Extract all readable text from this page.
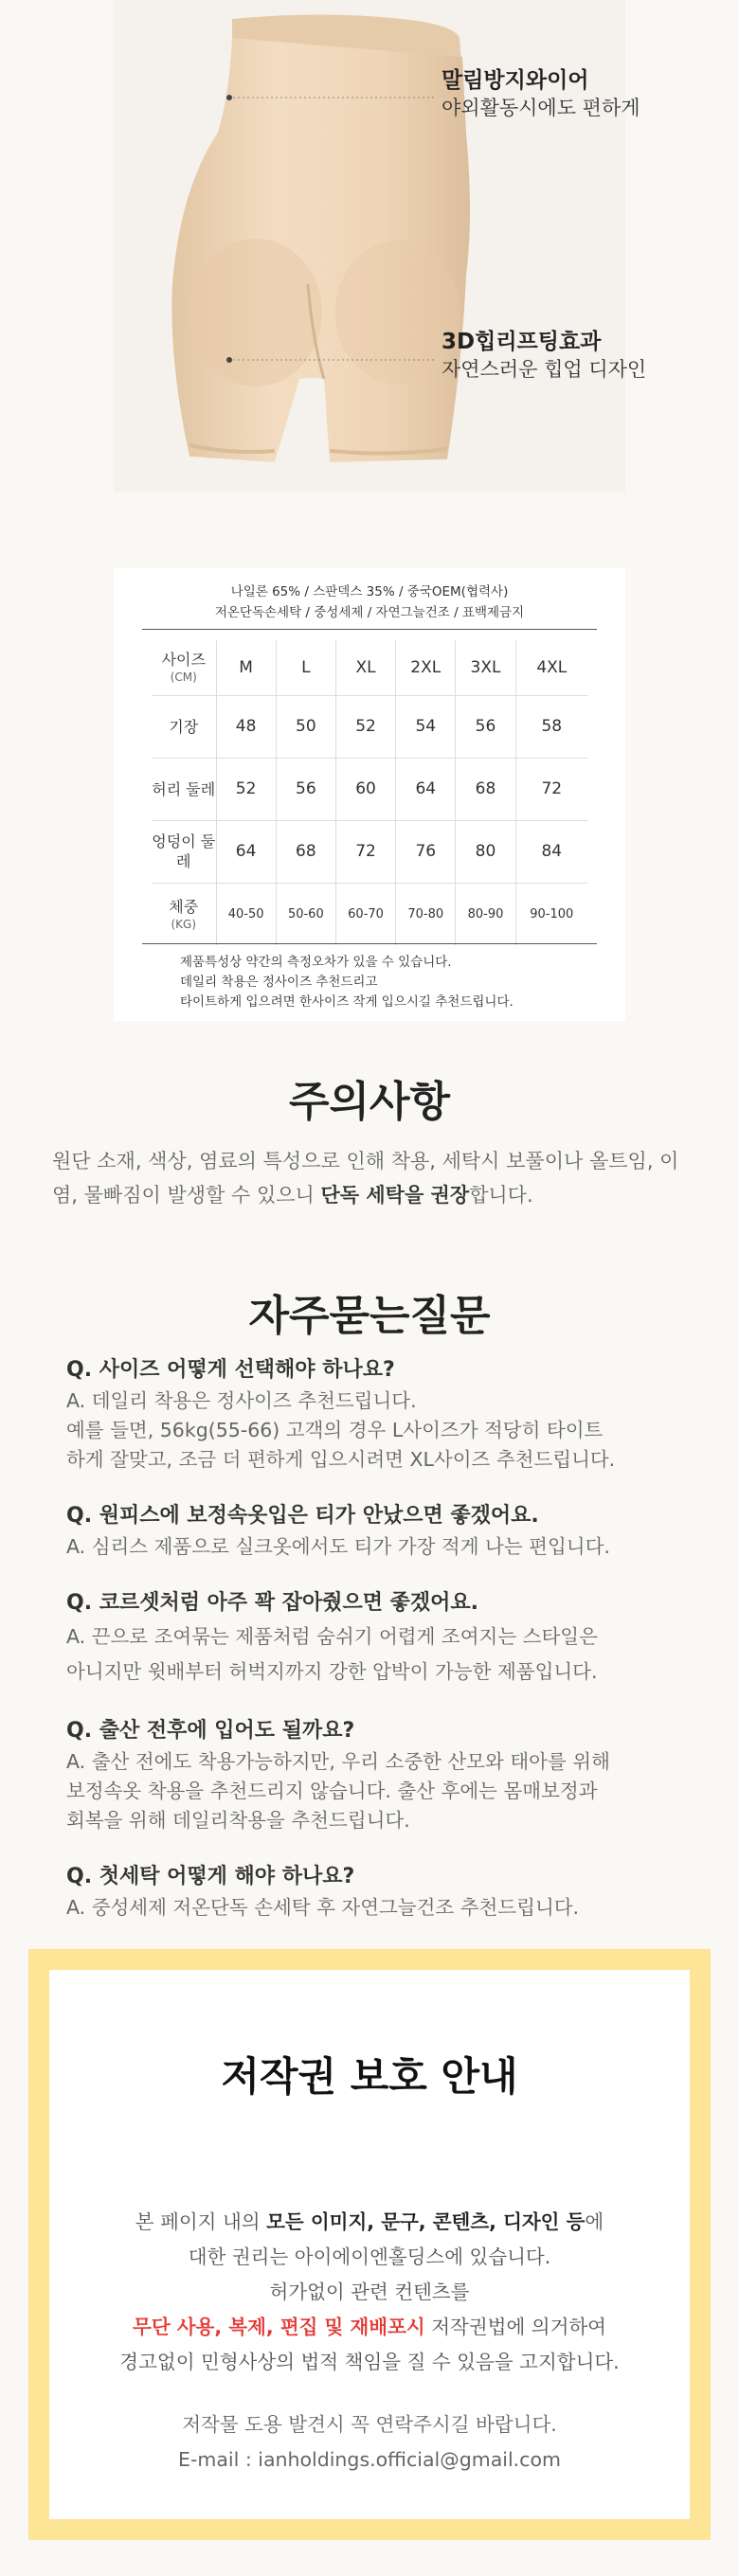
말림방지와이어
야외활동시에도 편하게
3D힙리프팅효과
자연스러운 힙업 디자인
나일론 65% / 스판덱스 35% / 중국OEM(협력사)
저온단독손세탁 / 중성세제 / 자연그늘건조 / 표백제금지
사이즈
(CM)	M	L	XL	2XL	3XL	4XL
기장	48	50	52	54	56	58
허리 둘레	52	56	60	64	68	72
엉덩이 둘레	64	68	72	76	80	84
체중
(KG)	40-50	50-60	60-70	70-80	80-90	90-100
제품특성상 약간의 측정오차가 있을 수 있습니다.
데일리 착용은 정사이즈 추천드리고
타이트하게 입으려면 한사이즈 작게 입으시길 추천드립니다.
주의사항
원단 소재, 색상, 염료의 특성으로 인해 착용, 세탁시 보풀이나 올트임, 이염, 물빠짐이 발생할 수 있으니 단독 세탁을 권장합니다.
자주묻는질문
Q. 사이즈 어떻게 선택해야 하나요?
A. 데일리 착용은 정사이즈 추천드립니다.
예를 들면, 56kg(55-66) 고객의 경우 L사이즈가 적당히 타이트
하게 잘맞고, 조금 더 편하게 입으시려면 XL사이즈 추천드립니다.
Q. 원피스에 보정속옷입은 티가 안났으면 좋겠어요.
A. 심리스 제품으로 실크옷에서도 티가 가장 적게 나는 편입니다.
Q. 코르셋처럼 아주 꽉 잡아줬으면 좋겠어요.
A. 끈으로 조여묶는 제품처럼 숨쉬기 어렵게 조여지는 스타일은
아니지만 윗배부터 허벅지까지 강한 압박이 가능한 제품입니다.
Q. 출산 전후에 입어도 될까요?
A. 출산 전에도 착용가능하지만, 우리 소중한 산모와 태아를 위해
보정속옷 착용을 추천드리지 않습니다. 출산 후에는 몸매보정과
회복을 위해 데일리착용을 추천드립니다.
Q. 첫세탁 어떻게 해야 하나요?
A. 중성세제 저온단독 손세탁 후 자연그늘건조 추천드립니다.
저작권 보호 안내
본 페이지 내의 모든 이미지, 문구, 콘텐츠, 디자인 등에
대한 권리는 아이에이엔홀딩스에 있습니다.
허가없이 관련 컨텐츠를
무단 사용, 복제, 편집 및 재배포시 저작권법에 의거하여
경고없이 민형사상의 법적 책임을 질 수 있음을 고지합니다.
저작물 도용 발견시 꼭 연락주시길 바랍니다.
E-mail : ianholdings.official@gmail.com
